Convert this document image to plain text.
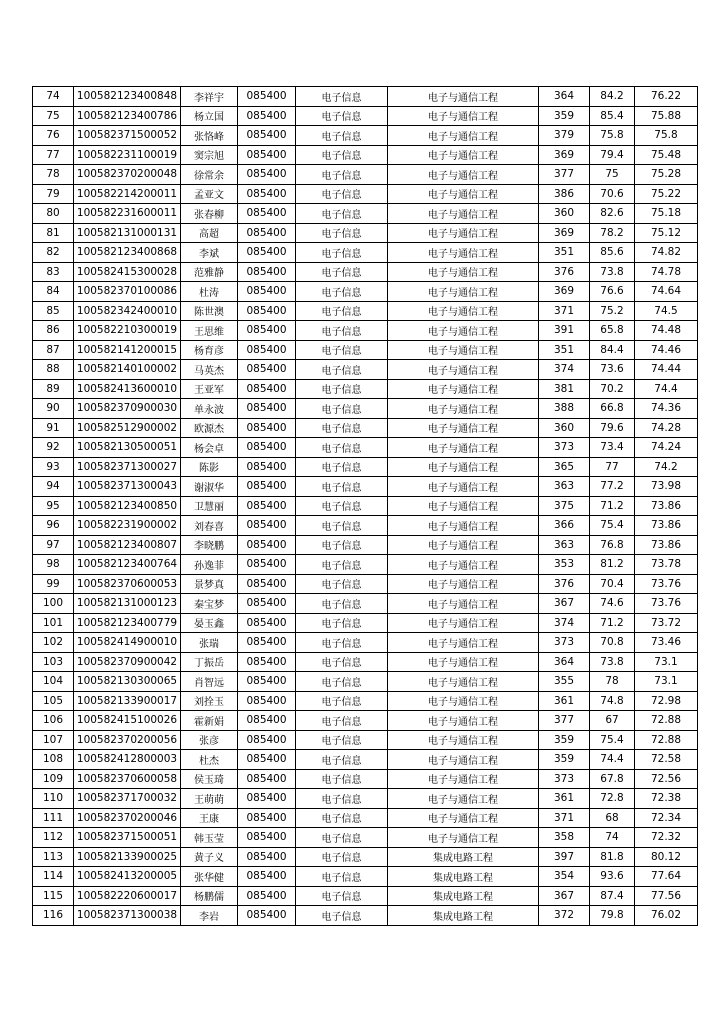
74	100582123400848	李祥宇	085400	电子信息	电子与通信工程	364	84.2	76.22
75	100582123400786	杨立国	085400	电子信息	电子与通信工程	359	85.4	75.88
76	100582371500052	张恪峰	085400	电子信息	电子与通信工程	379	75.8	75.8
77	100582231100019	窦宗旭	085400	电子信息	电子与通信工程	369	79.4	75.48
78	100582370200048	徐常余	085400	电子信息	电子与通信工程	377	75	75.28
79	100582214200011	孟亚文	085400	电子信息	电子与通信工程	386	70.6	75.22
80	100582231600011	张春柳	085400	电子信息	电子与通信工程	360	82.6	75.18
81	100582131000131	高超	085400	电子信息	电子与通信工程	369	78.2	75.12
82	100582123400868	李斌	085400	电子信息	电子与通信工程	351	85.6	74.82
83	100582415300028	范雅静	085400	电子信息	电子与通信工程	376	73.8	74.78
84	100582370100086	杜涛	085400	电子信息	电子与通信工程	369	76.6	74.64
85	100582342400010	陈世澳	085400	电子信息	电子与通信工程	371	75.2	74.5
86	100582210300019	王思维	085400	电子信息	电子与通信工程	391	65.8	74.48
87	100582141200015	杨育彦	085400	电子信息	电子与通信工程	351	84.4	74.46
88	100582140100002	马英杰	085400	电子信息	电子与通信工程	374	73.6	74.44
89	100582413600010	王亚军	085400	电子信息	电子与通信工程	381	70.2	74.4
90	100582370900030	单永波	085400	电子信息	电子与通信工程	388	66.8	74.36
91	100582512900002	欧源杰	085400	电子信息	电子与通信工程	360	79.6	74.28
92	100582130500051	杨会卓	085400	电子信息	电子与通信工程	373	73.4	74.24
93	100582371300027	陈影	085400	电子信息	电子与通信工程	365	77	74.2
94	100582371300043	谢淑华	085400	电子信息	电子与通信工程	363	77.2	73.98
95	100582123400850	卫慧丽	085400	电子信息	电子与通信工程	375	71.2	73.86
96	100582231900002	刘春喜	085400	电子信息	电子与通信工程	366	75.4	73.86
97	100582123400807	李晓鹏	085400	电子信息	电子与通信工程	363	76.8	73.86
98	100582123400764	孙逸菲	085400	电子信息	电子与通信工程	353	81.2	73.78
99	100582370600053	景梦真	085400	电子信息	电子与通信工程	376	70.4	73.76
100	100582131000123	秦宝梦	085400	电子信息	电子与通信工程	367	74.6	73.76
101	100582123400779	晏玉鑫	085400	电子信息	电子与通信工程	374	71.2	73.72
102	100582414900010	张瑞	085400	电子信息	电子与通信工程	373	70.8	73.46
103	100582370900042	丁振岳	085400	电子信息	电子与通信工程	364	73.8	73.1
104	100582130300065	肖智远	085400	电子信息	电子与通信工程	355	78	73.1
105	100582133900017	刘拴玉	085400	电子信息	电子与通信工程	361	74.8	72.98
106	100582415100026	霍新娟	085400	电子信息	电子与通信工程	377	67	72.88
107	100582370200056	张彦	085400	电子信息	电子与通信工程	359	75.4	72.88
108	100582412800003	杜杰	085400	电子信息	电子与通信工程	359	74.4	72.58
109	100582370600058	侯玉琦	085400	电子信息	电子与通信工程	373	67.8	72.56
110	100582371700032	王萌萌	085400	电子信息	电子与通信工程	361	72.8	72.38
111	100582370200046	王康	085400	电子信息	电子与通信工程	371	68	72.34
112	100582371500051	韩玉莹	085400	电子信息	电子与通信工程	358	74	72.32
113	100582133900025	黄子义	085400	电子信息	集成电路工程	397	81.8	80.12
114	100582413200005	张华健	085400	电子信息	集成电路工程	354	93.6	77.64
115	100582220600017	杨鹏儒	085400	电子信息	集成电路工程	367	87.4	77.56
116	100582371300038	李岩	085400	电子信息	集成电路工程	372	79.8	76.02
